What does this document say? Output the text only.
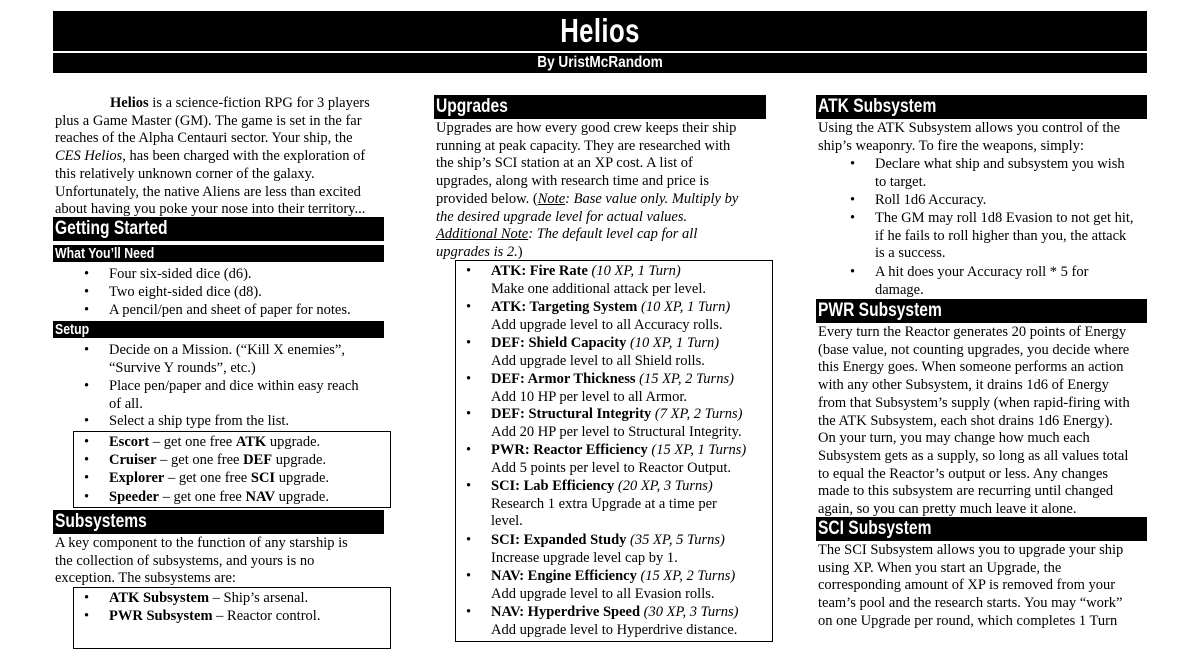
Helios
By UristMcRandom
Helios is a science-fiction RPG for 3 players
plus a Game Master (GM). The game is set in the far
reaches of the Alpha Centauri sector. Your ship, the
CES Helios, has been charged with the exploration of
this relatively unknown corner of the galaxy.
Unfortunately, the native Aliens are less than excited
about having you poke your nose into their territory...
Getting Started
What You’ll Need
• Four six-sided dice (d6).
• Two eight-sided dice (d8).
• A pencil/pen and sheet of paper for notes.
Setup
• Decide on a Mission. (“Kill X enemies”,
“Survive Y rounds”, etc.)
• Place pen/paper and dice within easy reach
of all.
• Select a ship type from the list.
• Escort – get one free ATK upgrade.
• Cruiser – get one free DEF upgrade.
• Explorer – get one free SCI upgrade.
• Speeder – get one free NAV upgrade.
Subsystems
A key component to the function of any starship is
the collection of subsystems, and yours is no
exception. The subsystems are:
• ATK Subsystem – Ship’s arsenal.
• PWR Subsystem – Reactor control.
Upgrades
Upgrades are how every good crew keeps their ship
running at peak capacity. They are researched with
the ship’s SCI station at an XP cost. A list of
upgrades, along with research time and price is
provided below. (Note: Base value only. Multiply by
the desired upgrade level for actual values.
Additional Note: The default level cap for all
upgrades is 2.)
• ATK: Fire Rate (10 XP, 1 Turn)
Make one additional attack per level.
• ATK: Targeting System (10 XP, 1 Turn)
Add upgrade level to all Accuracy rolls.
• DEF: Shield Capacity (10 XP, 1 Turn)
Add upgrade level to all Shield rolls.
• DEF: Armor Thickness (15 XP, 2 Turns)
Add 10 HP per level to all Armor.
• DEF: Structural Integrity (7 XP, 2 Turns)
Add 20 HP per level to Structural Integrity.
• PWR: Reactor Efficiency (15 XP, 1 Turns)
Add 5 points per level to Reactor Output.
• SCI: Lab Efficiency (20 XP, 3 Turns)
Research 1 extra Upgrade at a time per
level.
• SCI: Expanded Study (35 XP, 5 Turns)
Increase upgrade level cap by 1.
• NAV: Engine Efficiency (15 XP, 2 Turns)
Add upgrade level to all Evasion rolls.
• NAV: Hyperdrive Speed (30 XP, 3 Turns)
Add upgrade level to Hyperdrive distance.
ATK Subsystem
Using the ATK Subsystem allows you control of the
ship’s weaponry. To fire the weapons, simply:
• Declare what ship and subsystem you wish
to target.
• Roll 1d6 Accuracy.
• The GM may roll 1d8 Evasion to not get hit,
if he fails to roll higher than you, the attack
is a success.
• A hit does your Accuracy roll * 5 for
damage.
PWR Subsystem
Every turn the Reactor generates 20 points of Energy
(base value, not counting upgrades, you decide where
this Energy goes. When someone performs an action
with any other Subsystem, it drains 1d6 of Energy
from that Subsystem’s supply (when rapid-firing with
the ATK Subsystem, each shot drains 1d6 Energy).
On your turn, you may change how much each
Subsystem gets as a supply, so long as all values total
to equal the Reactor’s output or less. Any changes
made to this subsystem are recurring until changed
again, so you can pretty much leave it alone.
SCI Subsystem
The SCI Subsystem allows you to upgrade your ship
using XP. When you start an Upgrade, the
corresponding amount of XP is removed from your
team’s pool and the research starts. You may “work”
on one Upgrade per round, which completes 1 Turn
